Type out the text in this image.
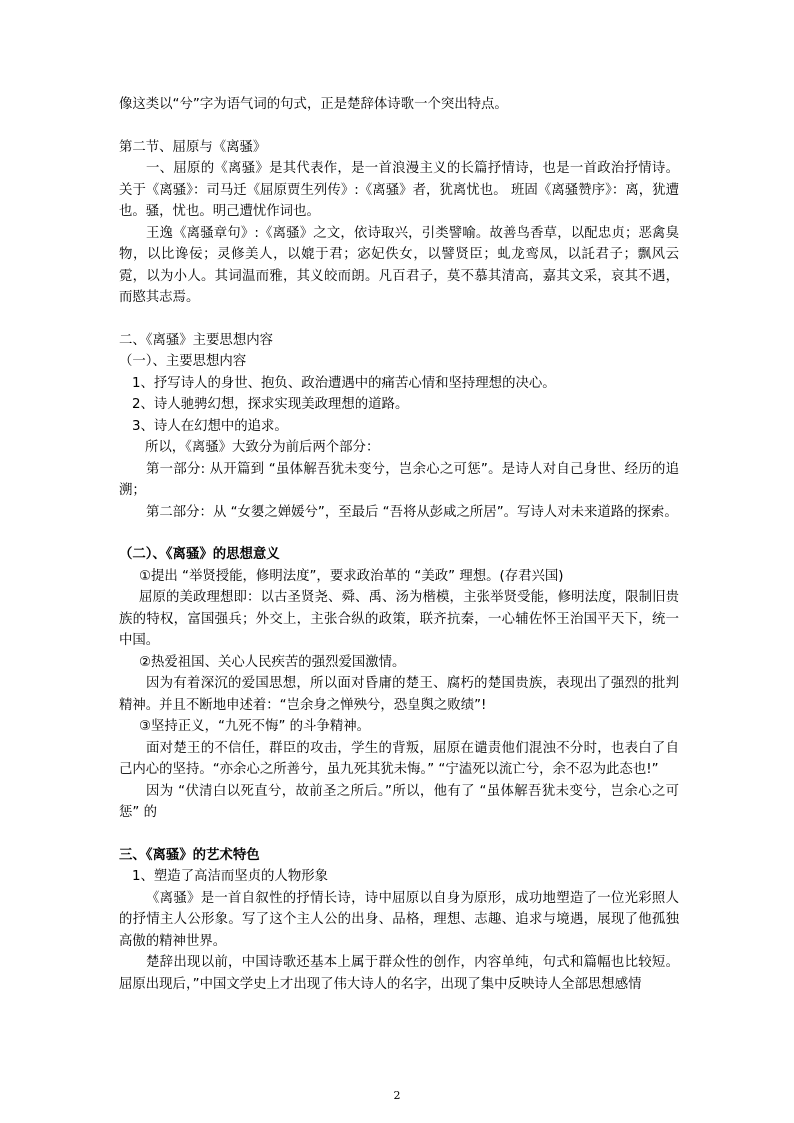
像这类以“兮”字为语气词的句式，正是楚辞体诗歌一个突出特点。

第二节、屈原与《离骚》

一、屈原的《离骚》是其代表作，是一首浪漫主义的长篇抒情诗，也是一首政治抒情诗。关于《离骚》：司马迁《屈原贾生列传》:《离骚》者，犹离忧也。 班固《离骚赞序》：离，犹遭也。骚，忧也。明己遭忧作词也。

王逸《离骚章句》:《离骚》之文，依诗取兴，引类譬喻。故善鸟香草，以配忠贞；恶禽臭物，以比谗佞；灵修美人，以媲于君；宓妃佚女，以譬贤臣；虬龙鸾凤，以託君子；飘风云霓，以为小人。其词温而雅，其义皎而朗。凡百君子，莫不慕其清高，嘉其文采，哀其不遇，而愍其志焉。

二、《离骚》主要思想内容

（一）、主要思想内容

1、抒写诗人的身世、抱负、政治遭遇中的痛苦心情和坚持理想的决心。

2、诗人驰骋幻想，探求实现美政理想的道路。

3、诗人在幻想中的追求。

所以，《离骚》大致分为前后两个部分：

第一部分: 从开篇到 “虽体解吾犹未变兮，岂余心之可惩”。是诗人对自己身世、经历的追溯；

第二部分：从 “女嬃之婵媛兮”，至最后 “吾将从彭咸之所居”。写诗人对未来道路的探索。

（二）、《离骚》的思想意义

①提出 “举贤授能，修明法度”，要求政治革的 “美政” 理想。(存君兴国)

屈原的美政理想即：以古圣贤尧、舜、禹、汤为楷模，主张举贤受能，修明法度，限制旧贵族的特权，富国强兵；外交上，主张合纵的政策，联齐抗秦，一心辅佐怀王治国平天下，统一中国。

②热爱祖国、关心人民疾苦的强烈爱国激情。

因为有着深沉的爱国思想，所以面对昏庸的楚王、腐朽的楚国贵族，表现出了强烈的批判精神。并且不断地申述着：“岂余身之惮殃兮，恐皇舆之败绩”!

③坚持正义，“九死不悔” 的斗争精神。

面对楚王的不信任，群臣的攻击，学生的背叛，屈原在谴责他们混浊不分时，也表白了自己内心的坚持。“亦余心之所善兮，虽九死其犹未悔。” “宁溘死以流亡兮，余不忍为此态也!”

因为 “伏清白以死直兮，故前圣之所后。”所以，他有了 “虽体解吾犹未变兮，岂余心之可惩” 的

三、《离骚》的艺术特色

1、塑造了高洁而坚贞的人物形象

《离骚》是一首自叙性的抒情长诗，诗中屈原以自身为原形，成功地塑造了一位光彩照人的抒情主人公形象。写了这个主人公的出身、品格，理想、志趣、追求与境遇，展现了他孤独高傲的精神世界。

楚辞出现以前，中国诗歌还基本上属于群众性的创作，内容单纯，句式和篇幅也比较短。屈原出现后，”中国文学史上才出现了伟大诗人的名字，出现了集中反映诗人全部思想感情

2
